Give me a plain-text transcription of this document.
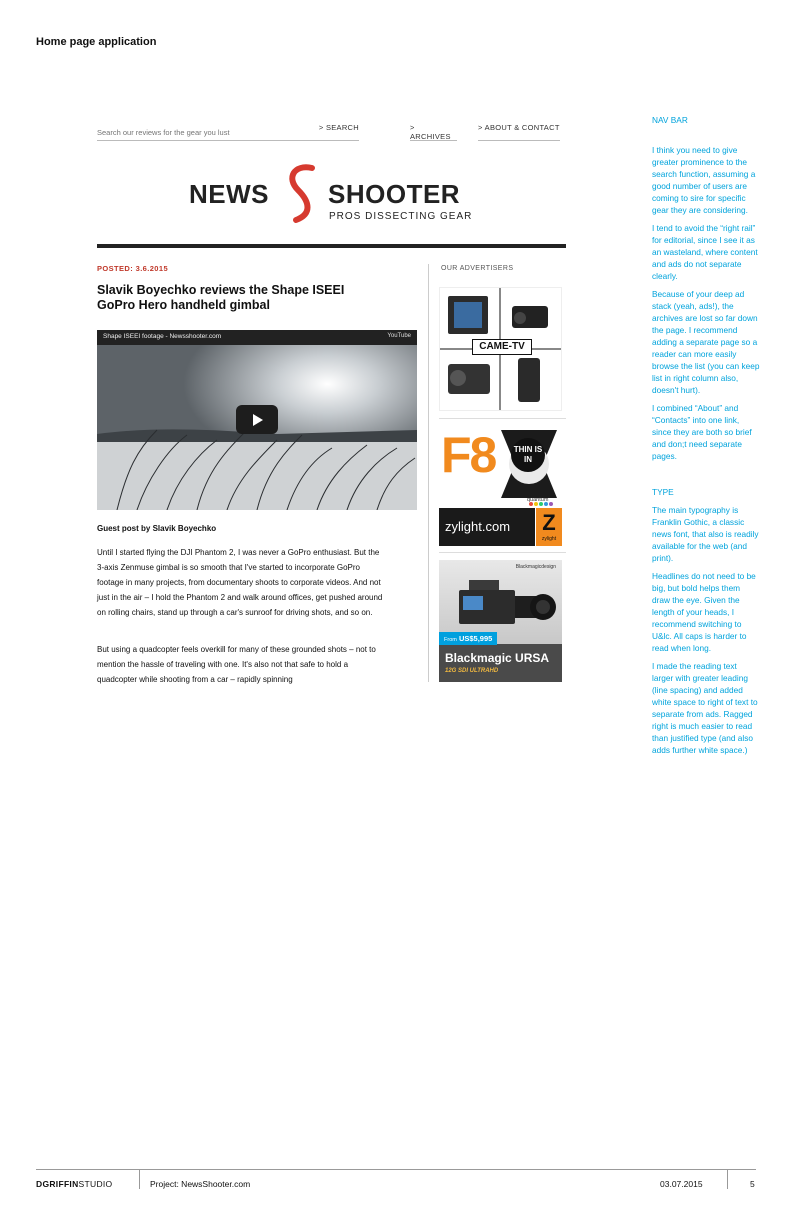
Home page application
Search our reviews for the gear you lust
> SEARCH	> ARCHIVES
> ABOUT & CONTACT
NEWS SHOOTER
PROS DISSECTING GEAR
POSTED: 3.6.2015
Slavik Boyechko reviews the Shape ISEEI GoPro Hero handheld gimbal
Shape ISEEI footage - Newsshooter.com	YouTube
Guest post by Slavik Boyechko
Until I started flying the DJI Phantom 2, I was never a GoPro enthusiast. But the 3-axis Zenmuse gimbal is so smooth that I've started to incorporate GoPro footage in many projects, from documentary shoots to corporate videos. And not just in the air – I hold the Phantom 2 and walk around offices, get pushed around on rolling chairs, stand up through a car's sunroof for driving shots, and so on.
But using a quadcopter feels overkill for many of these grounded shots – not to mention the hassle of traveling with one. It's also not that safe to hold a quadcopter while shooting from a car – rapidly spinning
OUR ADVERTISERS
CAME-TV
F8	THIN IS IN
quantum
zylight.com	Z
zylight
Blackmagicdesign
From US$5,995
Blackmagic URSA
12G SDI ULTRAHD
NAV BAR
I think you need to give greater prominence to the search function, assuming a good number of users are coming to sire for specific gear they are considering.
I tend to avoid the “right rail” for editorial, since I see it as an wasteland, where content and ads do not separate clearly.
Because of your deep ad stack (yeah, ads!), the archives are lost so far down the page. I recommend adding a separate page so a reader can more easily browse the list (you can keep list in right column also, doesn't hurt).
I combined “About” and “Contacts” into one link, since they are both so brief and don;t need separate pages.
TYPE
The main typography is Franklin Gothic, a classic news font, that also is readily available for the web (and print).
Headlines do not need to be big, but bold helps them draw the eye. Given the length of your heads, I recommend switching to U&lc. All caps is harder to read when long.
I made the reading text larger with greater leading (line spacing) and added white space to right of text to separate from ads. Ragged right is much easier to read than justified type (and also adds further white space.)
DGRIFFINSTUDIO	Project: NewsShooter.com	03.07.2015	5
